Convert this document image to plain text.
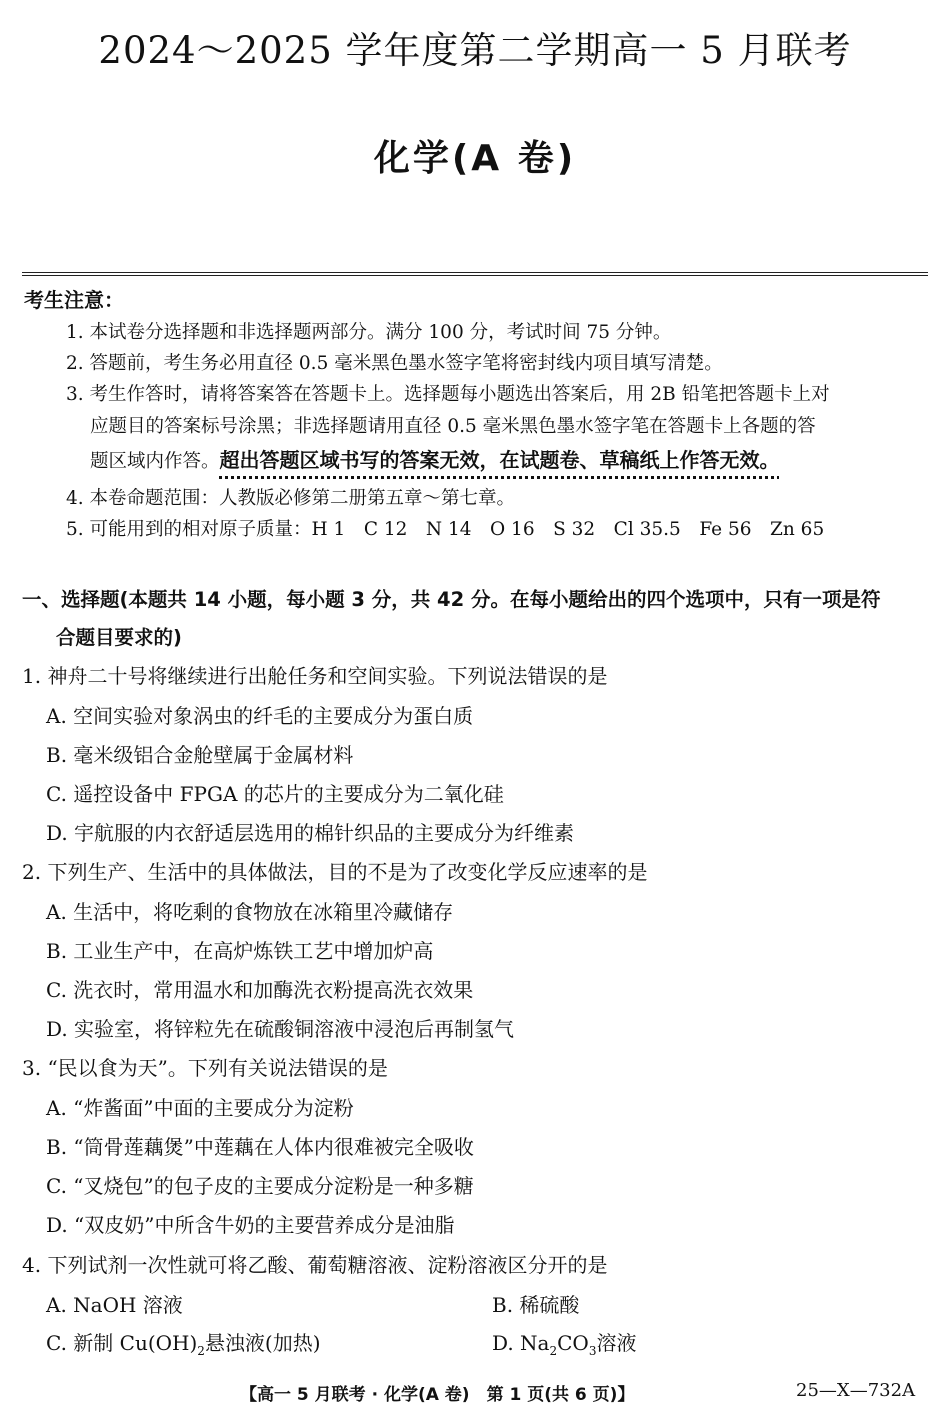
2024～2025 学年度第二学期高一 5 月联考
化学(A 卷)
考生注意：
1. 本试卷分选择题和非选择题两部分。满分 100 分，考试时间 75 分钟。
2. 答题前，考生务必用直径 0.5 毫米黑色墨水签字笔将密封线内项目填写清楚。
3. 考生作答时，请将答案答在答题卡上。选择题每小题选出答案后，用 2B 铅笔把答题卡上对
应题目的答案标号涂黑；非选择题请用直径 0.5 毫米黑色墨水签字笔在答题卡上各题的答
题区域内作答。超出答题区域书写的答案无效，在试题卷、草稿纸上作答无效。
4. 本卷命题范围：人教版必修第二册第五章～第七章。
5. 可能用到的相对原子质量：H 1　C 12　N 14　O 16　S 32　Cl 35.5　Fe 56　Zn 65
一、选择题(本题共 14 小题，每小题 3 分，共 42 分。在每小题给出的四个选项中，只有一项是符
合题目要求的)
1. 神舟二十号将继续进行出舱任务和空间实验。下列说法错误的是
A. 空间实验对象涡虫的纤毛的主要成分为蛋白质
B. 毫米级铝合金舱壁属于金属材料
C. 遥控设备中 FPGA 的芯片的主要成分为二氧化硅
D. 宇航服的内衣舒适层选用的棉针织品的主要成分为纤维素
2. 下列生产、生活中的具体做法，目的不是为了改变化学反应速率的是
A. 生活中，将吃剩的食物放在冰箱里冷藏储存
B. 工业生产中，在高炉炼铁工艺中增加炉高
C. 洗衣时，常用温水和加酶洗衣粉提高洗衣效果
D. 实验室，将锌粒先在硫酸铜溶液中浸泡后再制氢气
3. “民以食为天”。下列有关说法错误的是
A. “炸酱面”中面的主要成分为淀粉
B. “筒骨莲藕煲”中莲藕在人体内很难被完全吸收
C. “叉烧包”的包子皮的主要成分淀粉是一种多糖
D. “双皮奶”中所含牛奶的主要营养成分是油脂
4. 下列试剂一次性就可将乙酸、葡萄糖溶液、淀粉溶液区分开的是
A. NaOH 溶液	B. 稀硫酸
C. 新制 $Cu(OH)_2$悬浊液(加热)	D. $Na_2CO_3$溶液
【高一 5 月联考 · 化学(A 卷)　第 1 页(共 6 页)】	25—X—732A
